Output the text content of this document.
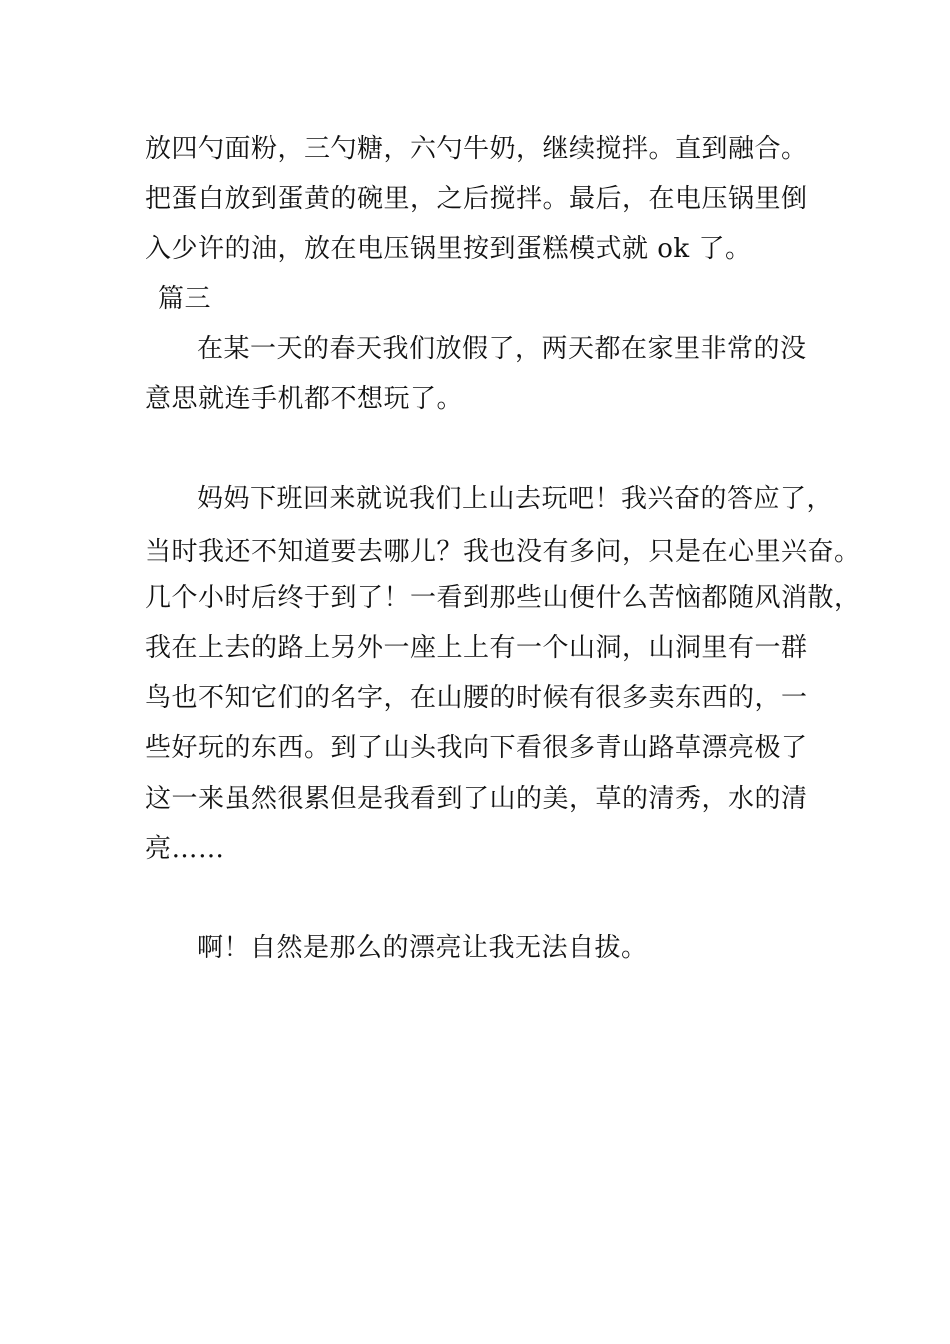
放四勺面粉，三勺糖，六勺牛奶，继续搅拌。直到融合。
把蛋白放到蛋黄的碗里，之后搅拌。最后，在电压锅里倒
入少许的油，放在电压锅里按到蛋糕模式就 ok 了。
篇三
在某一天的春天我们放假了，两天都在家里非常的没
意思就连手机都不想玩了。
妈妈下班回来就说我们上山去玩吧！我兴奋的答应了，
当时我还不知道要去哪儿？我也没有多问，只是在心里兴奋。
几个小时后终于到了！一看到那些山便什么苦恼都随风消散，
我在上去的路上另外一座上上有一个山洞，山洞里有一群
鸟也不知它们的名字，在山腰的时候有很多卖东西的，一
些好玩的东西。到了山头我向下看很多青山路草漂亮极了
这一来虽然很累但是我看到了山的美，草的清秀，水的清
亮……
啊！自然是那么的漂亮让我无法自拔。
